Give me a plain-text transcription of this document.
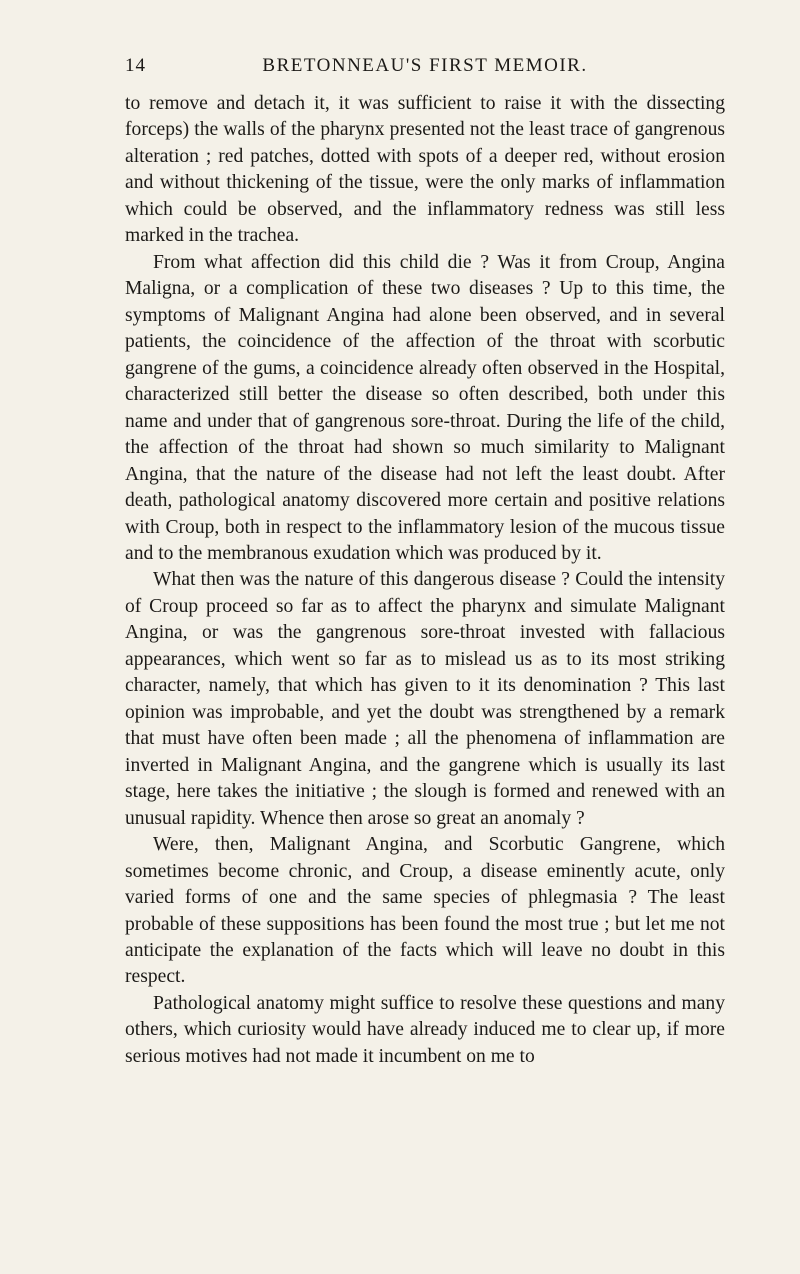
14	BRETONNEAU'S FIRST MEMOIR.

to remove and detach it, it was sufficient to raise it with the dissecting forceps) the walls of the pharynx presented not the least trace of gangrenous alteration ; red patches, dotted with spots of a deeper red, without erosion and without thickening of the tissue, were the only marks of inflammation which could be observed, and the inflammatory redness was still less marked in the trachea.

From what affection did this child die ? Was it from Croup, Angina Maligna, or a complication of these two diseases ? Up to this time, the symptoms of Malignant Angina had alone been observed, and in several patients, the coincidence of the affection of the throat with scorbutic gangrene of the gums, a coincidence already often observed in the Hospital, characterized still better the disease so often described, both under this name and under that of gangrenous sore-throat. During the life of the child, the affection of the throat had shown so much similarity to Malignant Angina, that the nature of the disease had not left the least doubt. After death, pathological anatomy discovered more certain and positive relations with Croup, both in respect to the inflammatory lesion of the mucous tissue and to the membranous exudation which was produced by it.

What then was the nature of this dangerous disease ? Could the intensity of Croup proceed so far as to affect the pharynx and simulate Malignant Angina, or was the gangrenous sore-throat invested with fallacious appearances, which went so far as to mislead us as to its most striking character, namely, that which has given to it its denomination ? This last opinion was improbable, and yet the doubt was strengthened by a remark that must have often been made ; all the phenomena of inflammation are inverted in Malignant Angina, and the gangrene which is usually its last stage, here takes the initiative ; the slough is formed and renewed with an unusual rapidity. Whence then arose so great an anomaly ?

Were, then, Malignant Angina, and Scorbutic Gangrene, which sometimes become chronic, and Croup, a disease eminently acute, only varied forms of one and the same species of phlegmasia ? The least probable of these suppositions has been found the most true ; but let me not anticipate the explanation of the facts which will leave no doubt in this respect.

Pathological anatomy might suffice to resolve these questions and many others, which curiosity would have already induced me to clear up, if more serious motives had not made it incumbent on me to
